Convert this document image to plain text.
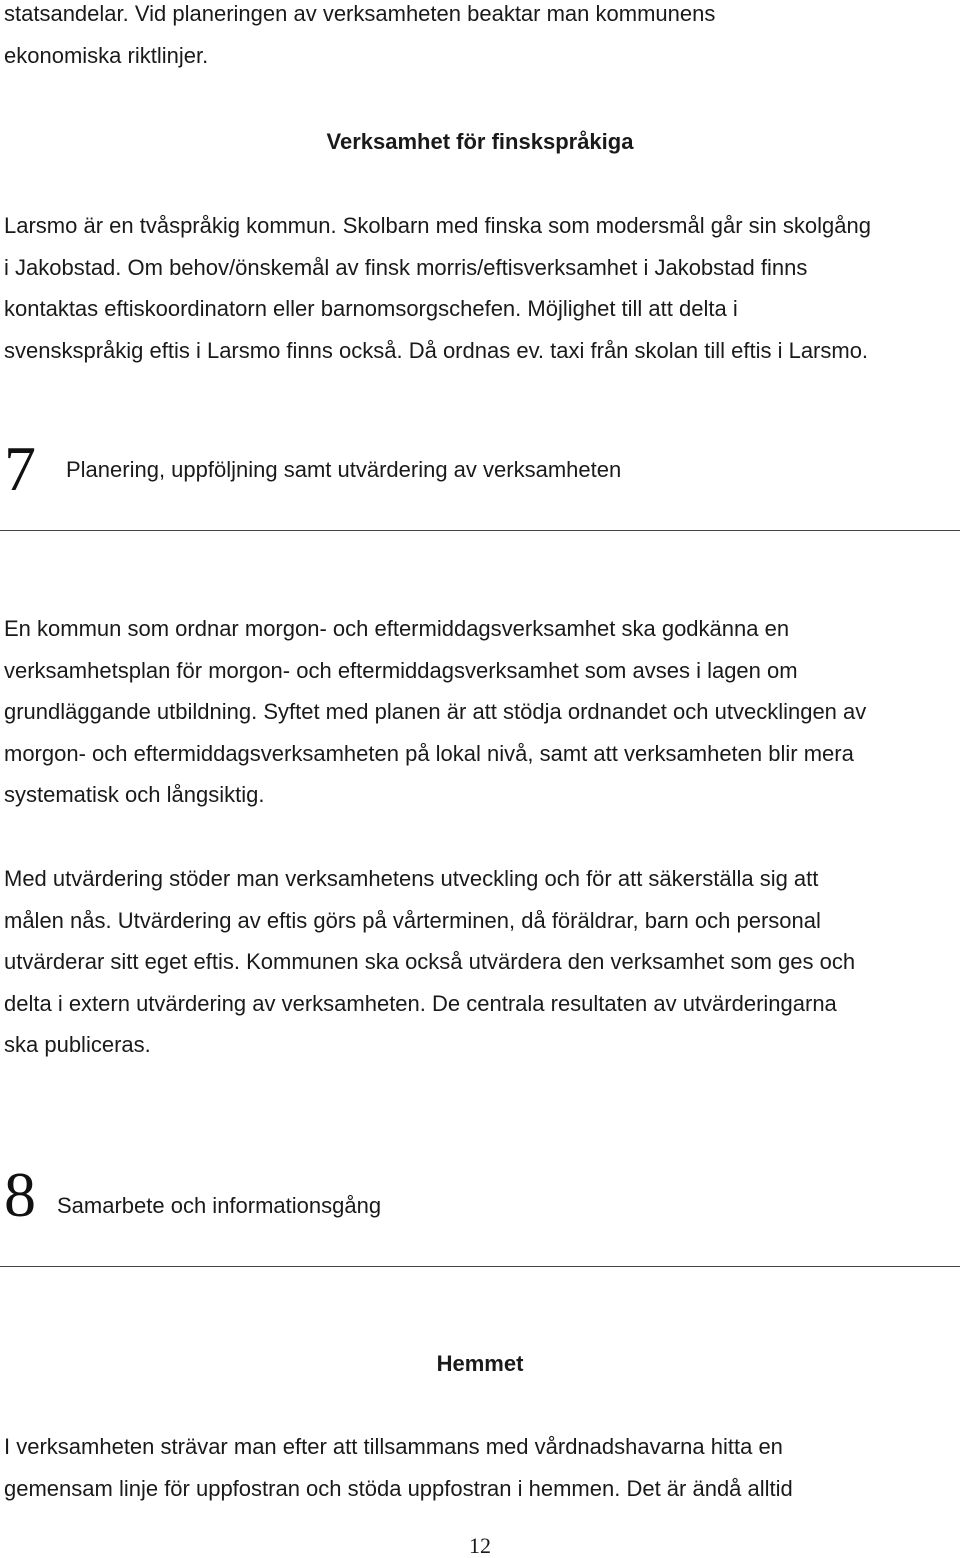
statsandelar. Vid planeringen av verksamheten beaktar man kommunens
ekonomiska riktlinjer.

Verksamhet för finskspråkiga

Larsmo är en tvåspråkig kommun. Skolbarn med finska som modersmål går sin skolgång
i Jakobstad. Om behov/önskemål av finsk morris/eftisverksamhet i Jakobstad finns
kontaktas eftiskoordinatorn eller barnomsorgschefen. Möjlighet till att delta i
svenskspråkig eftis i Larsmo finns också. Då ordnas ev. taxi från skolan till eftis i Larsmo.

7 Planering, uppföljning samt utvärdering av verksamheten

En kommun som ordnar morgon- och eftermiddagsverksamhet ska godkänna en
verksamhetsplan för morgon- och eftermiddagsverksamhet som avses i lagen om
grundläggande utbildning. Syftet med planen är att stödja ordnandet och utvecklingen av
morgon- och eftermiddagsverksamheten på lokal nivå, samt att verksamheten blir mera
systematisk och långsiktig.

Med utvärdering stöder man verksamhetens utveckling och för att säkerställa sig att
målen nås. Utvärdering av eftis görs på vårterminen, då föräldrar, barn och personal
utvärderar sitt eget eftis. Kommunen ska också utvärdera den verksamhet som ges och
delta i extern utvärdering av verksamheten. De centrala resultaten av utvärderingarna
ska publiceras.

8 Samarbete och informationsgång
Hemmet

I verksamheten strävar man efter att tillsammans med vårdnadshavarna hitta en
gemensam linje för uppfostran och stöda uppfostran i hemmen. Det är ändå alltid

12
